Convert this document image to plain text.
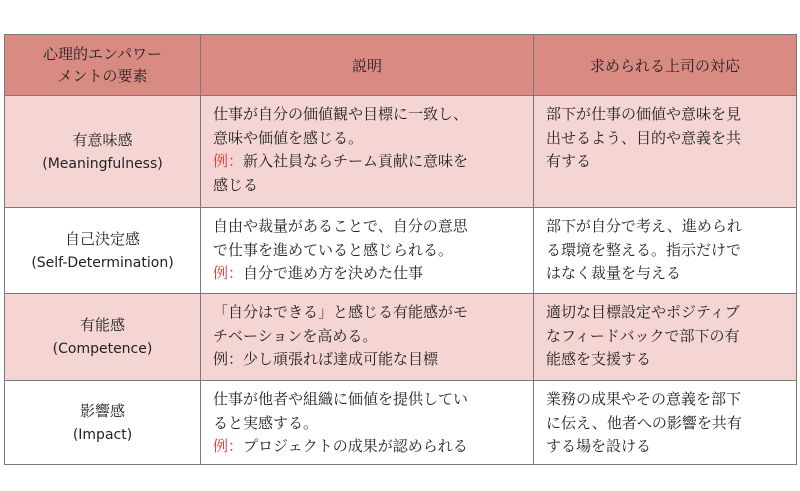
心理的エンパワー
メントの要素	説明	求められる上司の対応

有意味感
(Meaningfulness)	仕事が自分の価値観や目標に一致し、
意味や価値を感じる。
例：新入社員ならチーム貢献に意味を
感じる	部下が仕事の価値や意味を見
出せるよう、目的や意義を共
有する

自己決定感
(Self-Determination)	自由や裁量があることで、自分の意思
で仕事を進めていると感じられる。
例：自分で進め方を決めた仕事	部下が自分で考え、進められ
る環境を整える。指示だけで
はなく裁量を与える

有能感
(Competence)	「自分はできる」と感じる有能感がモ
チベーションを高める。
例：少し頑張れば達成可能な目標	適切な目標設定やポジティブ
なフィードバックで部下の有
能感を支援する

影響感
(Impact)	仕事が他者や組織に価値を提供してい
ると実感する。
例：プロジェクトの成果が認められる	業務の成果やその意義を部下
に伝え、他者への影響を共有
する場を設ける
